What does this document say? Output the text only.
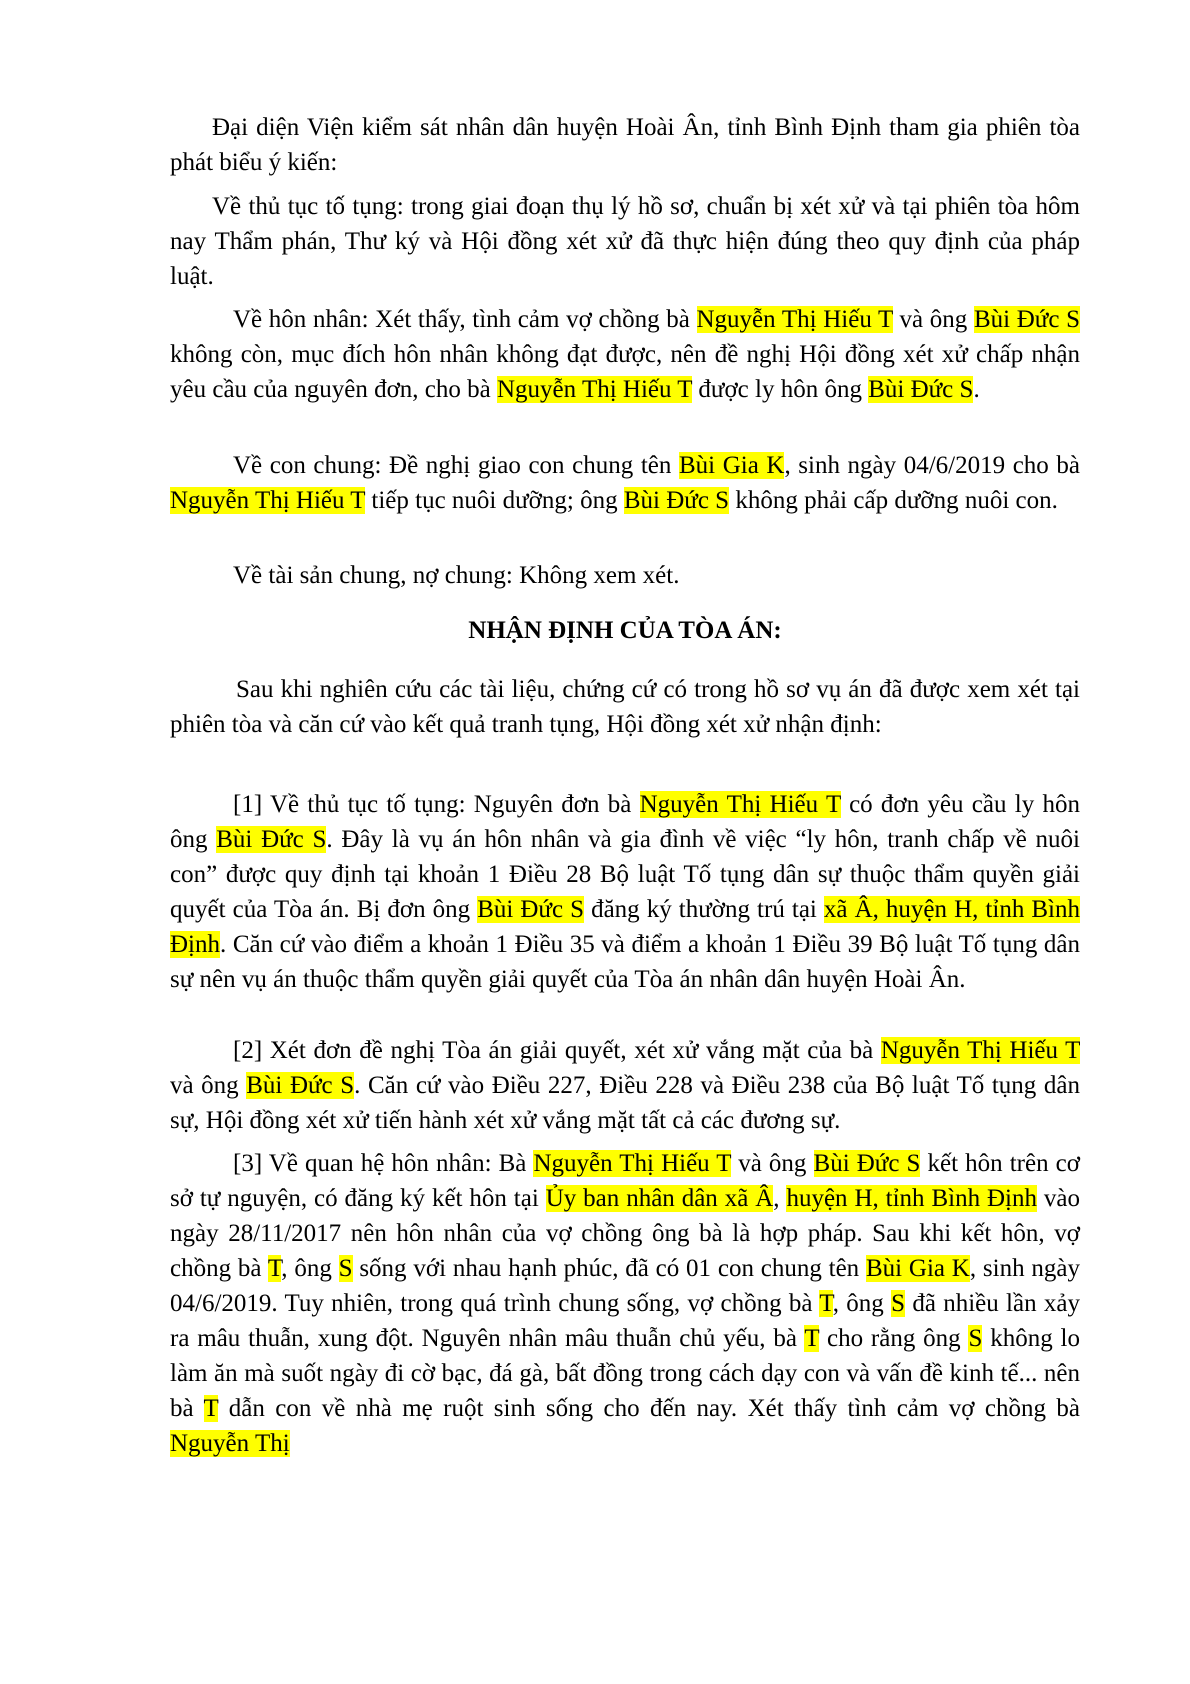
Đại diện Viện kiểm sát nhân dân huyện Hoài Ân, tỉnh Bình Định tham gia phiên tòa phát biểu ý kiến:

Về thủ tục tố tụng: trong giai đoạn thụ lý hồ sơ, chuẩn bị xét xử và tại phiên tòa hôm nay Thẩm phán, Thư ký và Hội đồng xét xử đã thực hiện đúng theo quy định của pháp luật.

Về hôn nhân: Xét thấy, tình cảm vợ chồng bà Nguyễn Thị Hiếu T và ông Bùi Đức S không còn, mục đích hôn nhân không đạt được, nên đề nghị Hội đồng xét xử chấp nhận yêu cầu của nguyên đơn, cho bà Nguyễn Thị Hiếu T được ly hôn ông Bùi Đức S.

Về con chung: Đề nghị giao con chung tên Bùi Gia K, sinh ngày 04/6/2019 cho bà Nguyễn Thị Hiếu T tiếp tục nuôi dưỡng; ông Bùi Đức S không phải cấp dưỡng nuôi con.

Về tài sản chung, nợ chung: Không xem xét.

NHẬN ĐỊNH CỦA TÒA ÁN:

Sau khi nghiên cứu các tài liệu, chứng cứ có trong hồ sơ vụ án đã được xem xét tại phiên tòa và căn cứ vào kết quả tranh tụng, Hội đồng xét xử nhận định:

[1] Về thủ tục tố tụng: Nguyên đơn bà Nguyễn Thị Hiếu T có đơn yêu cầu ly hôn ông Bùi Đức S. Đây là vụ án hôn nhân và gia đình về việc “ly hôn, tranh chấp về nuôi con” được quy định tại khoản 1 Điều 28 Bộ luật Tố tụng dân sự thuộc thẩm quyền giải quyết của Tòa án. Bị đơn ông Bùi Đức S đăng ký thường trú tại xã Â, huyện H, tỉnh Bình Định. Căn cứ vào điểm a khoản 1 Điều 35 và điểm a khoản 1 Điều 39 Bộ luật Tố tụng dân sự nên vụ án thuộc thẩm quyền giải quyết của Tòa án nhân dân huyện Hoài Ân.

[2] Xét đơn đề nghị Tòa án giải quyết, xét xử vắng mặt của bà Nguyễn Thị Hiếu T và ông Bùi Đức S. Căn cứ vào Điều 227, Điều 228 và Điều 238 của Bộ luật Tố tụng dân sự, Hội đồng xét xử tiến hành xét xử vắng mặt tất cả các đương sự.

[3] Về quan hệ hôn nhân: Bà Nguyễn Thị Hiếu T và ông Bùi Đức S kết hôn trên cơ sở tự nguyện, có đăng ký kết hôn tại Ủy ban nhân dân xã Â, huyện H, tỉnh Bình Định vào ngày 28/11/2017 nên hôn nhân của vợ chồng ông bà là hợp pháp. Sau khi kết hôn, vợ chồng bà T, ông S sống với nhau hạnh phúc, đã có 01 con chung tên Bùi Gia K, sinh ngày 04/6/2019. Tuy nhiên, trong quá trình chung sống, vợ chồng bà T, ông S đã nhiều lần xảy ra mâu thuẫn, xung đột. Nguyên nhân mâu thuẫn chủ yếu, bà T cho rằng ông S không lo làm ăn mà suốt ngày đi cờ bạc, đá gà, bất đồng trong cách dạy con và vấn đề kinh tế... nên bà T dẫn con về nhà mẹ ruột sinh sống cho đến nay. Xét thấy tình cảm vợ chồng bà Nguyễn Thị
